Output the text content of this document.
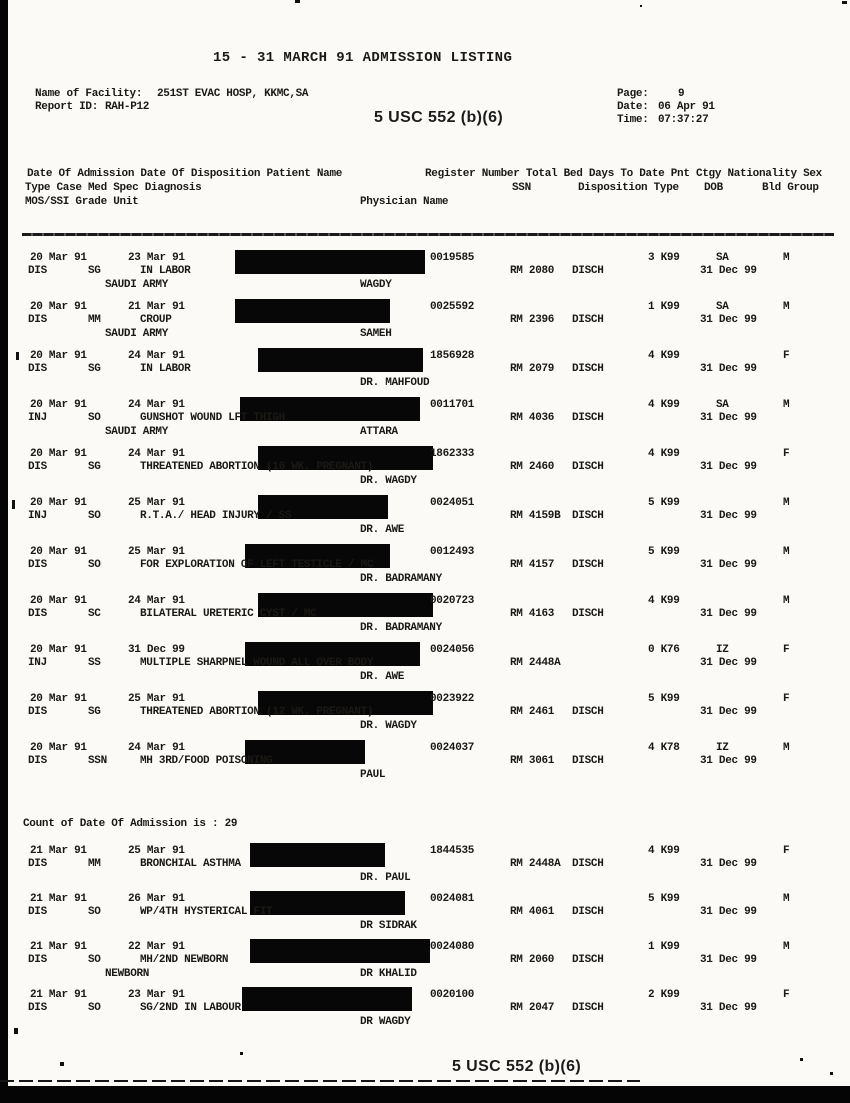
15 - 31 MARCH 91 ADMISSION LISTING
Name of Facility: 251ST EVAC HOSP, KKMC,SA
Report ID: RAH-P12
5 USC 552 (b)(6)
Page:	9
Date: 06 Apr 91
Time: 07:37:27
Date Of Admission Date Of Disposition Patient Name	Register Number Total Bed Days To Date Pnt Ctgy Nationality Sex
Type Case Med Spec Diagnosis	SSN	Disposition Type DOB	Bld Group
MOS/SSI Grade Unit	Physician Name
20 Mar 91	23 Mar 91	0019585	3 K99	SA	M
DIS	SG	IN LABOR	RM 2080 DISCH	31 Dec 99
SAUDI ARMY	WAGDY
20 Mar 91	21 Mar 91	0025592	1 K99	SA	M
DIS	MM	CROUP	RM 2396 DISCH	31 Dec 99
SAUDI ARMY	SAMEH
20 Mar 91	24 Mar 91	1856928	4 K99	F
DIS	SG	IN LABOR	RM 2079 DISCH	31 Dec 99
DR. MAHFOUD
20 Mar 91	24 Mar 91	0011701	4 K99	SA	M
INJ	SO	GUNSHOT WOUND LFT THIGH	RM 4036 DISCH	31 Dec 99
SAUDI ARMY	ATTARA
20 Mar 91	24 Mar 91	1862333	4 K99	F
DIS	SG	THREATENED ABORTION (16 WK. PREGNANT)	RM 2460 DISCH	31 Dec 99
DR. WAGDY
20 Mar 91	25 Mar 91	0024051	5 K99	M
INJ	SO	R.T.A./ HEAD INJURY / SS	RM 4159B DISCH	31 Dec 99
DR. AWE
20 Mar 91	25 Mar 91	0012493	5 K99	M
DIS	SO	FOR EXPLORATION OF LEFT TESTICLE / MC	RM 4157 DISCH	31 Dec 99
DR. BADRAMANY
20 Mar 91	24 Mar 91	0020723	4 K99	M
DIS	SC	BILATERAL URETERIC CYST / MC	RM 4163 DISCH	31 Dec 99
DR. BADRAMANY
20 Mar 91	31 Dec 99	0024056	0 K76	IZ	F
INJ	SS	MULTIPLE SHARPNEL WOUND ALL OVER BODY	RM 2448A	31 Dec 99
DR. AWE
20 Mar 91	25 Mar 91	0023922	5 K99	F
DIS	SG	THREATENED ABORTION (12 WK. PREGNANT)	RM 2461 DISCH	31 Dec 99
DR. WAGDY
20 Mar 91	24 Mar 91	0024037	4 K78	IZ	M
DIS	SSN	MH 3RD/FOOD POISONING	RM 3061 DISCH	31 Dec 99
PAUL
Count of Date Of Admission is : 29
21 Mar 91	25 Mar 91	1844535	4 K99	F
DIS	MM	BRONCHIAL ASTHMA	RM 2448A DISCH	31 Dec 99
DR. PAUL
21 Mar 91	26 Mar 91	0024081	5 K99	M
DIS	SO	WP/4TH HYSTERICAL FIT	RM 4061 DISCH	31 Dec 99
DR SIDRAK
21 Mar 91	22 Mar 91	0024080	1 K99	M
DIS	SO	MH/2ND NEWBORN	RM 2060 DISCH	31 Dec 99
NEWBORN	DR KHALID
21 Mar 91	23 Mar 91	0020100	2 K99	F
DIS	SO	SG/2ND IN LABOUR	RM 2047 DISCH	31 Dec 99
DR WAGDY
5 USC 552 (b)(6)
